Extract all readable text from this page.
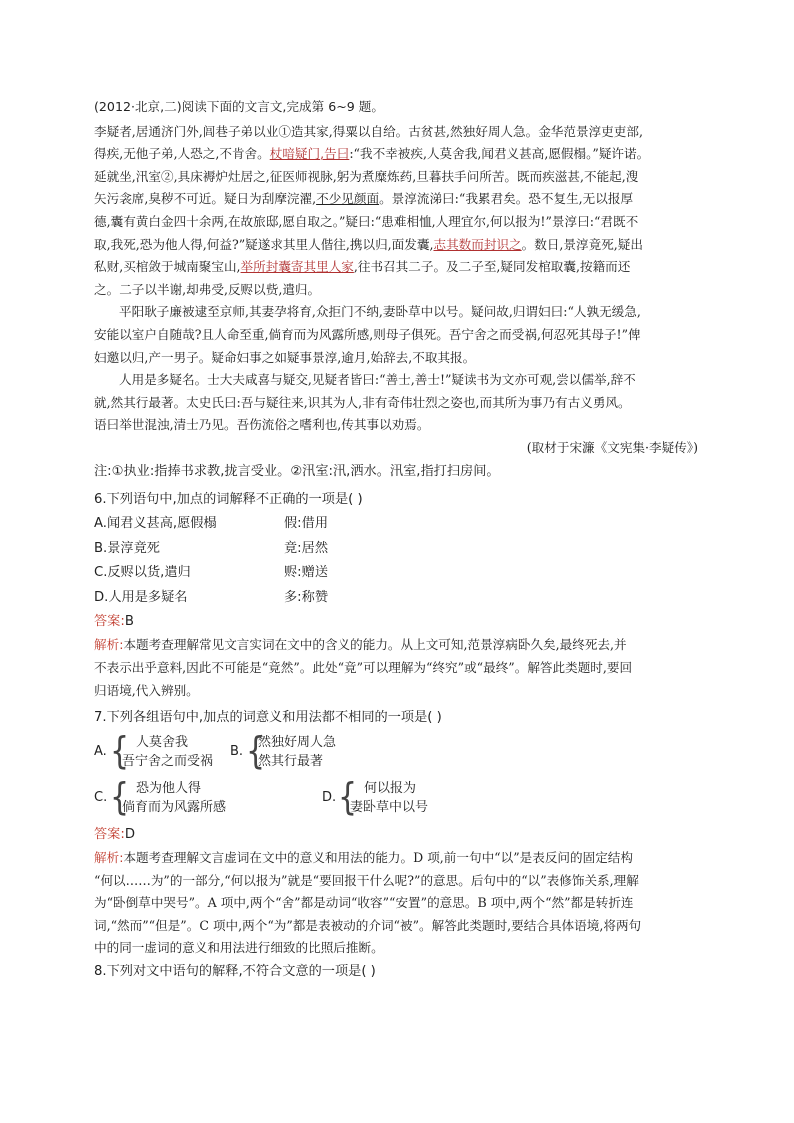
(2012·北京,二)阅读下面的文言文,完成第 6~9 题。
李疑者,居通济门外,闾巷子弟以业①造其家,得粟以自给。古贫甚,然独好周人急。金华范景淳吏吏部,
得疾,无他子弟,人恐之,不肯舍。杖喑疑门,告曰:“我不幸被疾,人莫舍我,闻君义甚高,愿假榻。”疑许诺。
延就坐,汛室②,具床褥炉灶居之,征医师视脉,躬为煮糜炼药,旦暮扶手问所苦。既而疾滋甚,不能起,溲
矢污衾席,臭秽不可近。疑日为刮摩浣濯,不少见颜面。景淳流涕曰:“我累君矣。恐不复生,无以报厚
德,囊有黄白金四十余两,在故旅邸,愿自取之。”疑曰:“患难相恤,人理宜尔,何以报为!”景淳曰:“君既不
取,我死,恐为他人得,何益?”疑遂求其里人偕往,携以归,面发囊,志其数而封识之。数日,景淳竟死,疑出
私财,买棺敛于城南聚宝山,举所封囊寄其里人家,往书召其二子。及二子至,疑同发棺取囊,按籍而还
之。二子以半谢,却弗受,反赆以赀,遣归。
平阳耿子廉被逮至京师,其妻孕将育,众拒门不纳,妻卧草中以号。疑问故,归谓妇曰:“人孰无缓急,
安能以室户自随哉?且人命至重,倘育而为风露所感,则母子俱死。吾宁舍之而受祸,何忍死其母子!”俾
妇邀以归,产一男子。疑命妇事之如疑事景淳,逾月,始辞去,不取其报。
人用是多疑名。士大夫咸喜与疑交,见疑者皆曰:“善士,善士!”疑读书为文亦可观,尝以儒举,辞不
就,然其行最著。太史氏曰:吾与疑往来,识其为人,非有奇伟壮烈之姿也,而其所为事乃有古义勇风。
语曰举世混浊,清士乃见。吾伤流俗之嗜利也,传其事以劝焉。
(取材于宋濂《文宪集·李疑传》)
注:①执业:指捧书求教,拢言受业。②汛室:汛,洒水。汛室,指打扫房间。
6.下列语句中,加点的词解释不正确的一项是( )
A.闻君义甚高,愿假榻	假:借用
B.景淳竟死	竟:居然
C.反赆以货,遣归	赆:赠送
D.人用是多疑名	多:称赞
答案:B
解析:本题考查理解常见文言实词在文中的含义的能力。从上文可知,范景淳病卧久矣,最终死去,并
不表示出乎意料,因此不可能是“竟然”。此处“竟”可以理解为“终究”或“最终”。解答此类题时,要回
归语境,代入辨别。
7.下列各组语句中,加点的词意义和用法都不相同的一项是( )
A. { 人莫舍我
吾宁舍之而受祸
B. {
然独好周人急
然其行最著
C. { 恐为他人得
倘育而为风露所感
D. { 何以报为
妻卧草中以号
答案:D
解析:本题考查理解文言虚词在文中的意义和用法的能力。D 项,前一句中“以”是表反问的固定结构
“何以……为”的一部分,“何以报为”就是“要回报干什么呢?”的意思。后句中的“以”表修饰关系,理解
为“卧倒草中哭号”。A 项中,两个“舍”都是动词“收容”“安置”的意思。B 项中,两个“然”都是转折连
词,“然而”“但是”。C 项中,两个“为”都是表被动的介词“被”。解答此类题时,要结合具体语境,将两句
中的同一虚词的意义和用法进行细致的比照后推断。
8.下列对文中语句的解释,不符合文意的一项是( )
